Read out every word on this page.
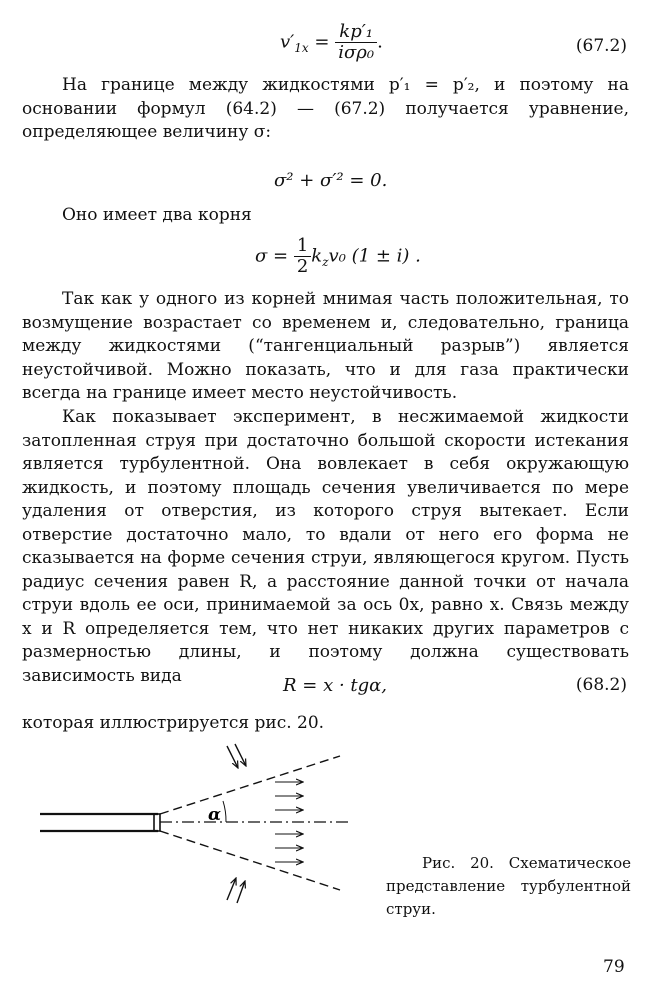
$v'_{1x} = \frac{\text{kp′₁}}{\text{iσρ₀}}$ .	(67.2)

На границе между жидкостями p′₁ = p′₂, и поэтому на основании формул (64.2) — (67.2) получается уравнение, определяющее величину σ:

σ² + σ′² = 0.

Оно имеет два корня

$\sigma = \frac{1}{2} k_zv_0$ (1 ± i) .

Так как у одного из корней мнимая часть положительная, то возмущение возрастает со временем и, следовательно, граница между жидкостями (“тангенциальный разрыв”) является неустойчивой. Можно показать, что и для газа практически всегда на границе имеет место неустойчивость.

Как показывает эксперимент, в несжимаемой жидкости затопленная струя при достаточно большой скорости истекания является турбулентной. Она вовлекает в себя окружающую жидкость, и поэтому площадь сечения увеличивается по мере удаления от отверстия, из которого струя вытекает. Если отверстие достаточно мало, то вдали от него его форма не сказывается на форме сечения струи, являющегося кругом. Пусть радиус сечения равен R, а расстояние данной точки от начала струи вдоль ее оси, принимаемой за ось 0x, равно x. Связь между x и R определяется тем, что нет никаких других параметров с размерностью длины, и поэтому должна существовать зависимость вида	R = x · tgα,	(68.2)

которая иллюстрируется рис. 20.

α
Рис. 20. Схематическое представление турбулентной струи.
79
